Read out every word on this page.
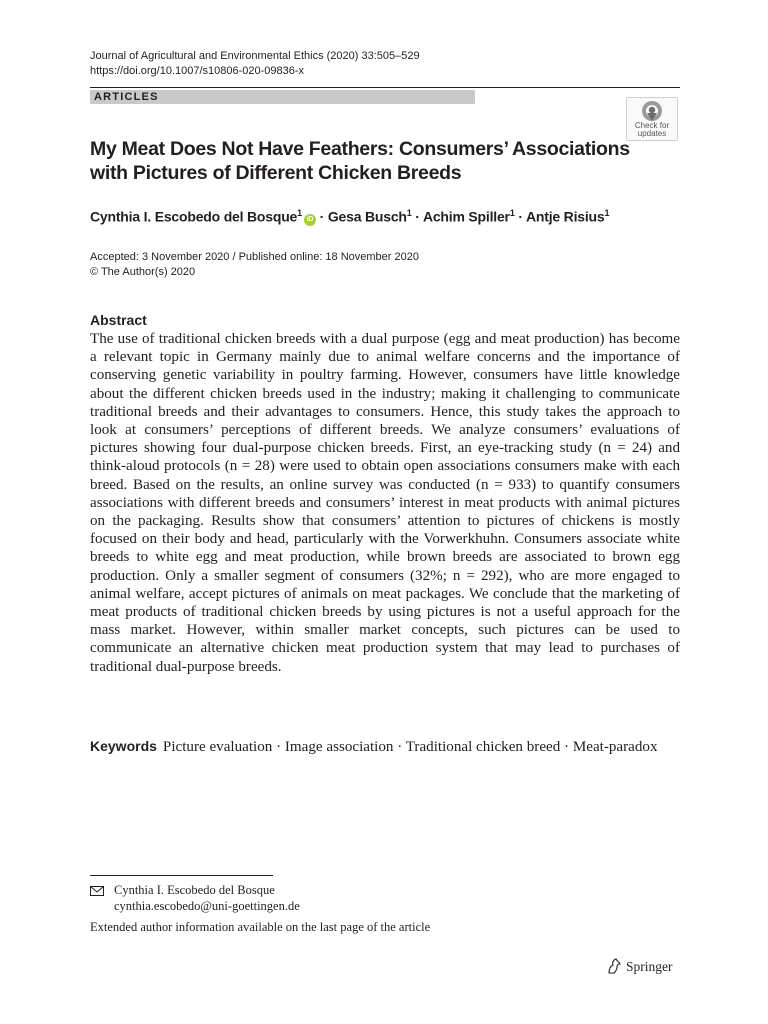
Journal of Agricultural and Environmental Ethics (2020) 33:505–529
https://doi.org/10.1007/s10806-020-09836-x
ARTICLES
Check for
updates
My Meat Does Not Have Feathers: Consumers’ Associations with Pictures of Different Chicken Breeds
Cynthia I. Escobedo del Bosque$^1$iD · Gesa Busch$^1$ · Achim Spiller$^1$ · Antje Risius$^1$
Accepted: 3 November 2020 / Published online: 18 November 2020
© The Author(s) 2020
Abstract
The use of traditional chicken breeds with a dual purpose (egg and meat production) has become a relevant topic in Germany mainly due to animal welfare concerns and the importance of conserving genetic variability in poultry farming. However, consumers have little knowledge about the different chicken breeds used in the industry; making it challenging to communicate traditional breeds and their advantages to consumers. Hence, this study takes the approach to look at consumers’ perceptions of different breeds. We analyze consumers’ evaluations of pictures showing four dual-purpose chicken breeds. First, an eye-tracking study (n = 24) and think-aloud protocols (n = 28) were used to obtain open associations consumers make with each breed. Based on the results, an online survey was conducted (n = 933) to quantify consumers associations with different breeds and consumers’ interest in meat products with animal pictures on the packaging. Results show that consumers’ attention to pictures of chickens is mostly focused on their body and head, particularly with the Vorwerkhuhn. Consumers associate white breeds to white egg and meat production, while brown breeds are associated to brown egg production. Only a smaller segment of consumers (32%; n = 292), who are more engaged to animal welfare, accept pictures of animals on meat packages. We conclude that the marketing of meat products of traditional chicken breeds by using pictures is not a useful approach for the mass market. However, within smaller market concepts, such pictures can be used to communicate an alternative chicken meat production system that may lead to purchases of traditional dual-purpose breeds.
Keywords Picture evaluation · Image association · Traditional chicken breed · Meat-paradox
Cynthia I. Escobedo del Bosque
cynthia.escobedo@uni-goettingen.de
Extended author information available on the last page of the article
Springer
